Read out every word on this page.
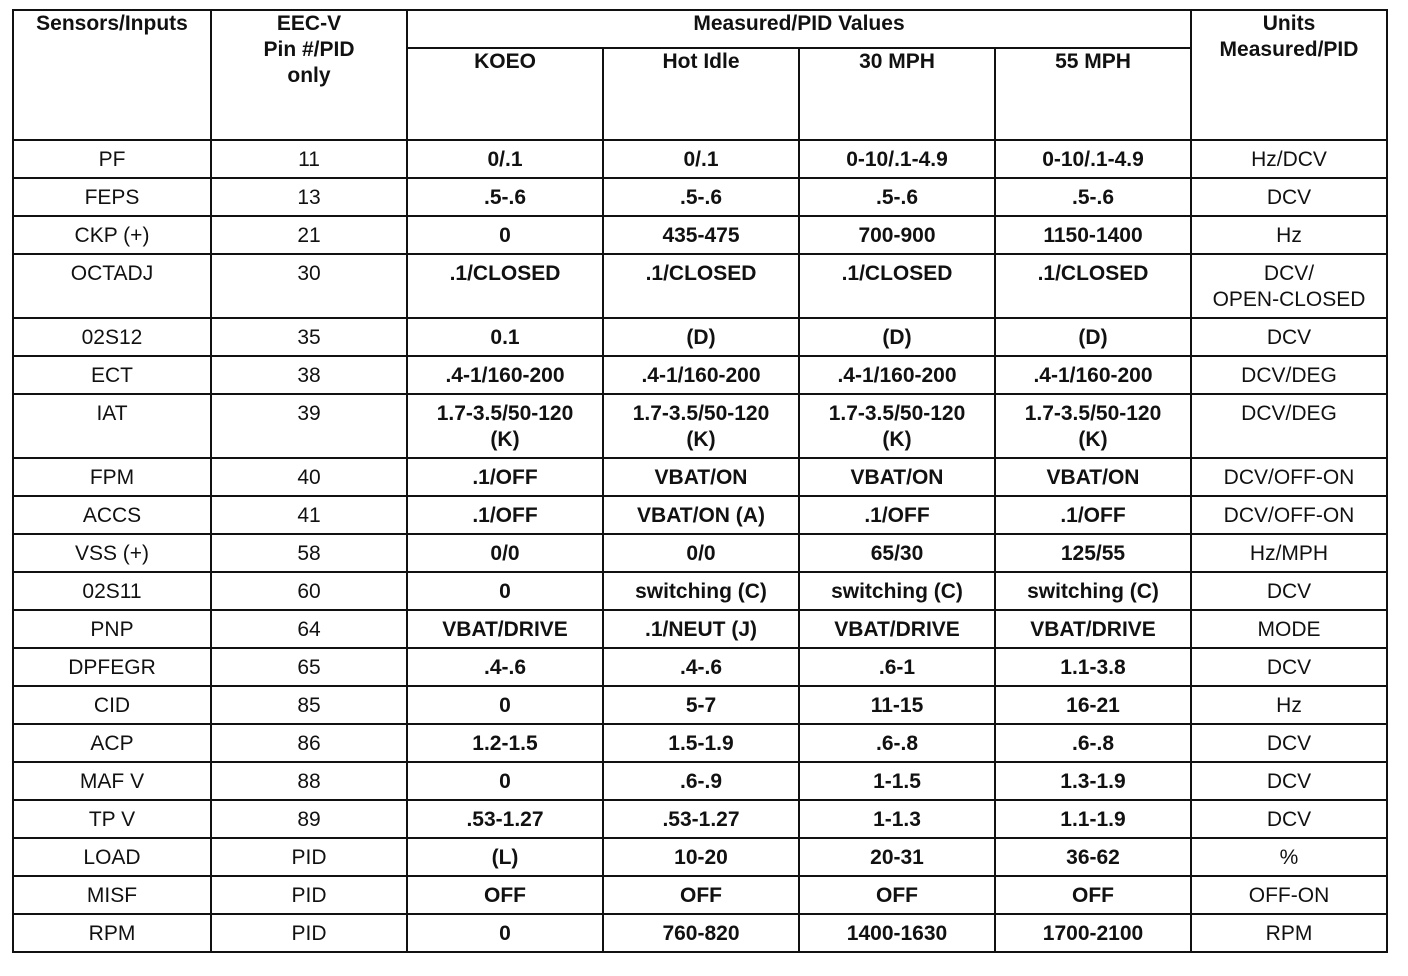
Sensors/Inputs	EEC-V
Pin #/PID
only	Measured/PID Values				Units
Measured/PID

		KOEO	Hot Idle	30 MPH	55 MPH	

PF	11	0/.1	0/.1	0-10/.1-4.9	0-10/.1-4.9	Hz/DCV

FEPS	13	.5-.6	.5-.6	.5-.6	.5-.6	DCV

CKP (+)	21	0	435-475	700-900	1150-1400	Hz

OCTADJ	30	.1/CLOSED	.1/CLOSED	.1/CLOSED	.1/CLOSED	DCV/
OPEN-CLOSED

02S12	35	0.1	(D)	(D)	(D)	DCV

ECT	38	.4-1/160-200	.4-1/160-200	.4-1/160-200	.4-1/160-200	DCV/DEG

IAT	39	1.7-3.5/50-120
(K)	1.7-3.5/50-120
(K)	1.7-3.5/50-120
(K)	1.7-3.5/50-120
(K)	DCV/DEG

FPM	40	.1/OFF	VBAT/ON	VBAT/ON	VBAT/ON	DCV/OFF-ON

ACCS	41	.1/OFF	VBAT/ON (A)	.1/OFF	.1/OFF	DCV/OFF-ON

VSS (+)	58	0/0	0/0	65/30	125/55	Hz/MPH

02S11	60	0	switching (C)	switching (C)	switching (C)	DCV

PNP	64	VBAT/DRIVE	.1/NEUT (J)	VBAT/DRIVE	VBAT/DRIVE	MODE

DPFEGR	65	.4-.6	.4-.6	.6-1	1.1-3.8	DCV

CID	85	0	5-7	11-15	16-21	Hz

ACP	86	1.2-1.5	1.5-1.9	.6-.8	.6-.8	DCV

MAF V	88	0	.6-.9	1-1.5	1.3-1.9	DCV

TP V	89	.53-1.27	.53-1.27	1-1.3	1.1-1.9	DCV

LOAD	PID	(L)	10-20	20-31	36-62	%

MISF	PID	OFF	OFF	OFF	OFF	OFF-ON

RPM	PID	0	760-820	1400-1630	1700-2100	RPM
